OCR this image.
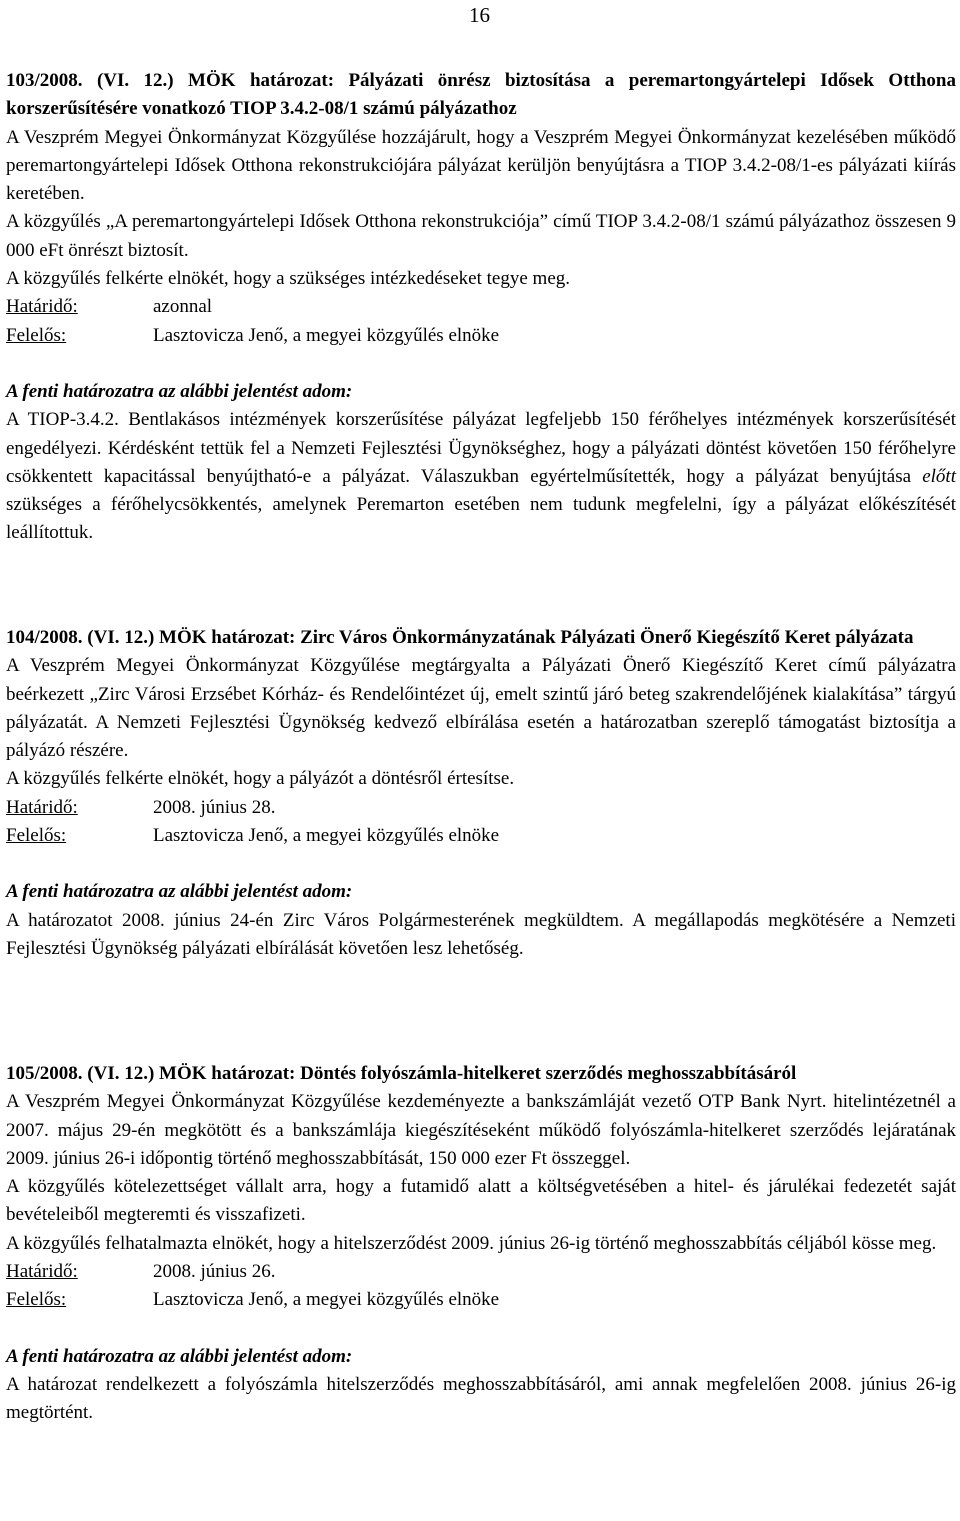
16

103/2008. (VI. 12.) MÖK határozat: Pályázati önrész biztosítása a peremartongyártelepi Idősek Otthona korszerűsítésére vonatkozó TIOP 3.4.2-08/1 számú pályázathoz

A Veszprém Megyei Önkormányzat Közgyűlése hozzájárult, hogy a Veszprém Megyei Önkormányzat kezelésében működő peremartongyártelepi Idősek Otthona rekonstrukciójára pályázat kerüljön benyújtásra a TIOP 3.4.2-08/1-es pályázati kiírás keretében.

A közgyűlés „A peremartongyártelepi Idősek Otthona rekonstrukciója” című TIOP 3.4.2-08/1 számú pályázathoz összesen 9 000 eFt önrészt biztosít.

A közgyűlés felkérte elnökét, hogy a szükséges intézkedéseket tegye meg.

Határidő:	azonnal
Felelős:	Lasztovicza Jenő, a megyei közgyűlés elnöke

A fenti határozatra az alábbi jelentést adom:

A TIOP-3.4.2. Bentlakásos intézmények korszerűsítése pályázat legfeljebb 150 férőhelyes intézmények korszerűsítését engedélyezi. Kérdésként tettük fel a Nemzeti Fejlesztési Ügynökséghez, hogy a pályázati döntést követően 150 férőhelyre csökkentett kapacitással benyújtható-e a pályázat. Válaszukban egyértelműsítették, hogy a pályázat benyújtása előtt szükséges a férőhelycsökkentés, amelynek Peremarton esetében nem tudunk megfelelni, így a pályázat előkészítését leállítottuk.

104/2008. (VI. 12.) MÖK határozat: Zirc Város Önkormányzatának Pályázati Önerő Kiegészítő Keret pályázata

A Veszprém Megyei Önkormányzat Közgyűlése megtárgyalta a Pályázati Önerő Kiegészítő Keret című pályázatra beérkezett „Zirc Városi Erzsébet Kórház- és Rendelőintézet új, emelt szintű járó beteg szakrendelőjének kialakítása” tárgyú pályázatát. A Nemzeti Fejlesztési Ügynökség kedvező elbírálása esetén a határozatban szereplő támogatást biztosítja a pályázó részére.

A közgyűlés felkérte elnökét, hogy a pályázót a döntésről értesítse.

Határidő:	2008. június 28.
Felelős:	Lasztovicza Jenő, a megyei közgyűlés elnöke

A fenti határozatra az alábbi jelentést adom:

A határozatot 2008. június 24-én Zirc Város Polgármesterének megküldtem. A megállapodás megkötésére a Nemzeti Fejlesztési Ügynökség pályázati elbírálását követően lesz lehetőség.

105/2008. (VI. 12.) MÖK határozat: Döntés folyószámla-hitelkeret szerződés meghosszabbításáról

A Veszprém Megyei Önkormányzat Közgyűlése kezdeményezte a bankszámláját vezető OTP Bank Nyrt. hitelintézetnél a 2007. május 29-én megkötött és a bankszámlája kiegészítéseként működő folyószámla-hitelkeret szerződés lejáratának 2009. június 26-i időpontig történő meghosszabbítását, 150 000 ezer Ft összeggel.

A közgyűlés kötelezettséget vállalt arra, hogy a futamidő alatt a költségvetésében a hitel- és járulékai fedezetét saját bevételeiből megteremti és visszafizeti.

A közgyűlés felhatalmazta elnökét, hogy a hitelszerződést 2009. június 26-ig történő meghosszabbítás céljából kösse meg.

Határidő:	2008. június 26.
Felelős:	Lasztovicza Jenő, a megyei közgyűlés elnöke

A fenti határozatra az alábbi jelentést adom:

A határozat rendelkezett a folyószámla hitelszerződés meghosszabbításáról, ami annak megfelelően 2008. június 26-ig megtörtént.
